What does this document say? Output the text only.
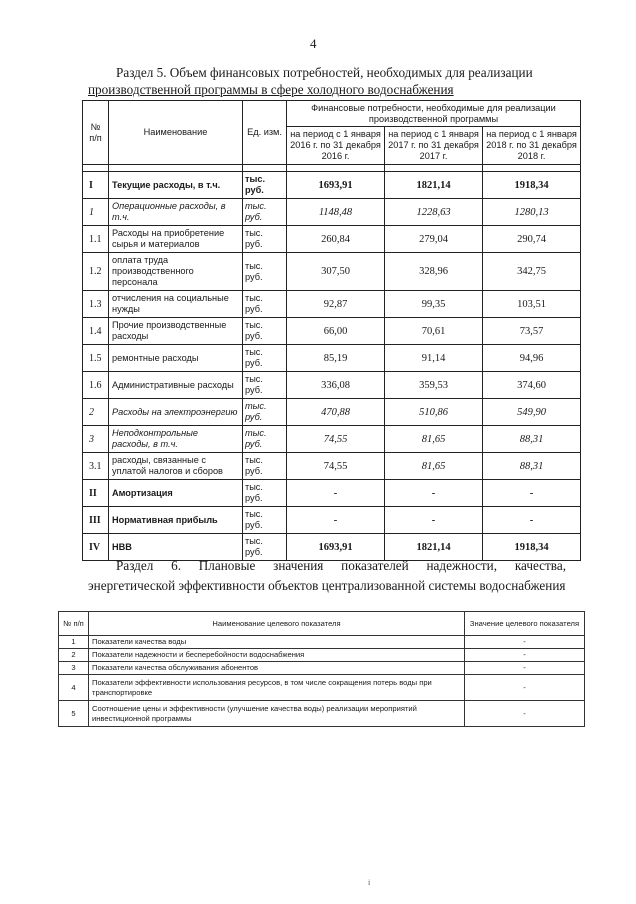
4
Раздел 5. Объем финансовых потребностей, необходимых для реализации
производственной программы в сфере холодного водоснабжения
№ п/п	Наименование	Ед. изм.	Финансовые потребности, необходимые для реализации производственной программы		
			на период с 1 января 2016 г. по 31 декабря 2016 г.	на период с 1 января 2017 г. по 31 декабря 2017 г.	на период с 1 января 2018 г. по 31 декабря 2018 г.

I	Текущие расходы, в т.ч.	тыс. руб.	1693,91	1821,14	1918,34
1	Операционные расходы, в т.ч.	тыс. руб.	1148,48	1228,63	1280,13
1.1	Расходы на приобретение сырья и материалов	тыс. руб.	260,84	279,04	290,74
1.2	оплата труда производственного персонала	тыс. руб.	307,50	328,96	342,75
1.3	отчисления на социальные нужды	тыс. руб.	92,87	99,35	103,51
1.4	Прочие производственные расходы	тыс. руб.	66,00	70,61	73,57
1.5	ремонтные расходы	тыс. руб.	85,19	91,14	94,96
1.6	Административные расходы	тыс. руб.	336,08	359,53	374,60
2	Расходы на электроэнергию	тыс. руб.	470,88	510,86	549,90
3	Неподконтрольные расходы, в т.ч.	тыс. руб.	74,55	81,65	88,31
3.1	расходы, связанные с уплатой налогов и сборов	тыс. руб.	74,55	81,65	88,31
II	Амортизация	тыс. руб.	-	-	-
III	Нормативная прибыль	тыс. руб.	-	-	-
IV	НВВ	тыс. руб.	1693,91	1821,14	1918,34
Раздел 6. Плановые значения показателей надежности, качества, энергетической эффективности объектов централизованной системы водоснабжения
№ п/п	Наименование целевого показателя	Значение целевого показателя
1	Показатели качества воды	-
2	Показатели надежности и бесперебойности водоснабжения	-
3	Показатели качества обслуживания абонентов	-
4	Показатели эффективности использования ресурсов, в том числе сокращения потерь воды при транспортировке	-
5	Соотношение цены и эффективности (улучшение качества воды) реализации мероприятий инвестиционной программы	-
i
